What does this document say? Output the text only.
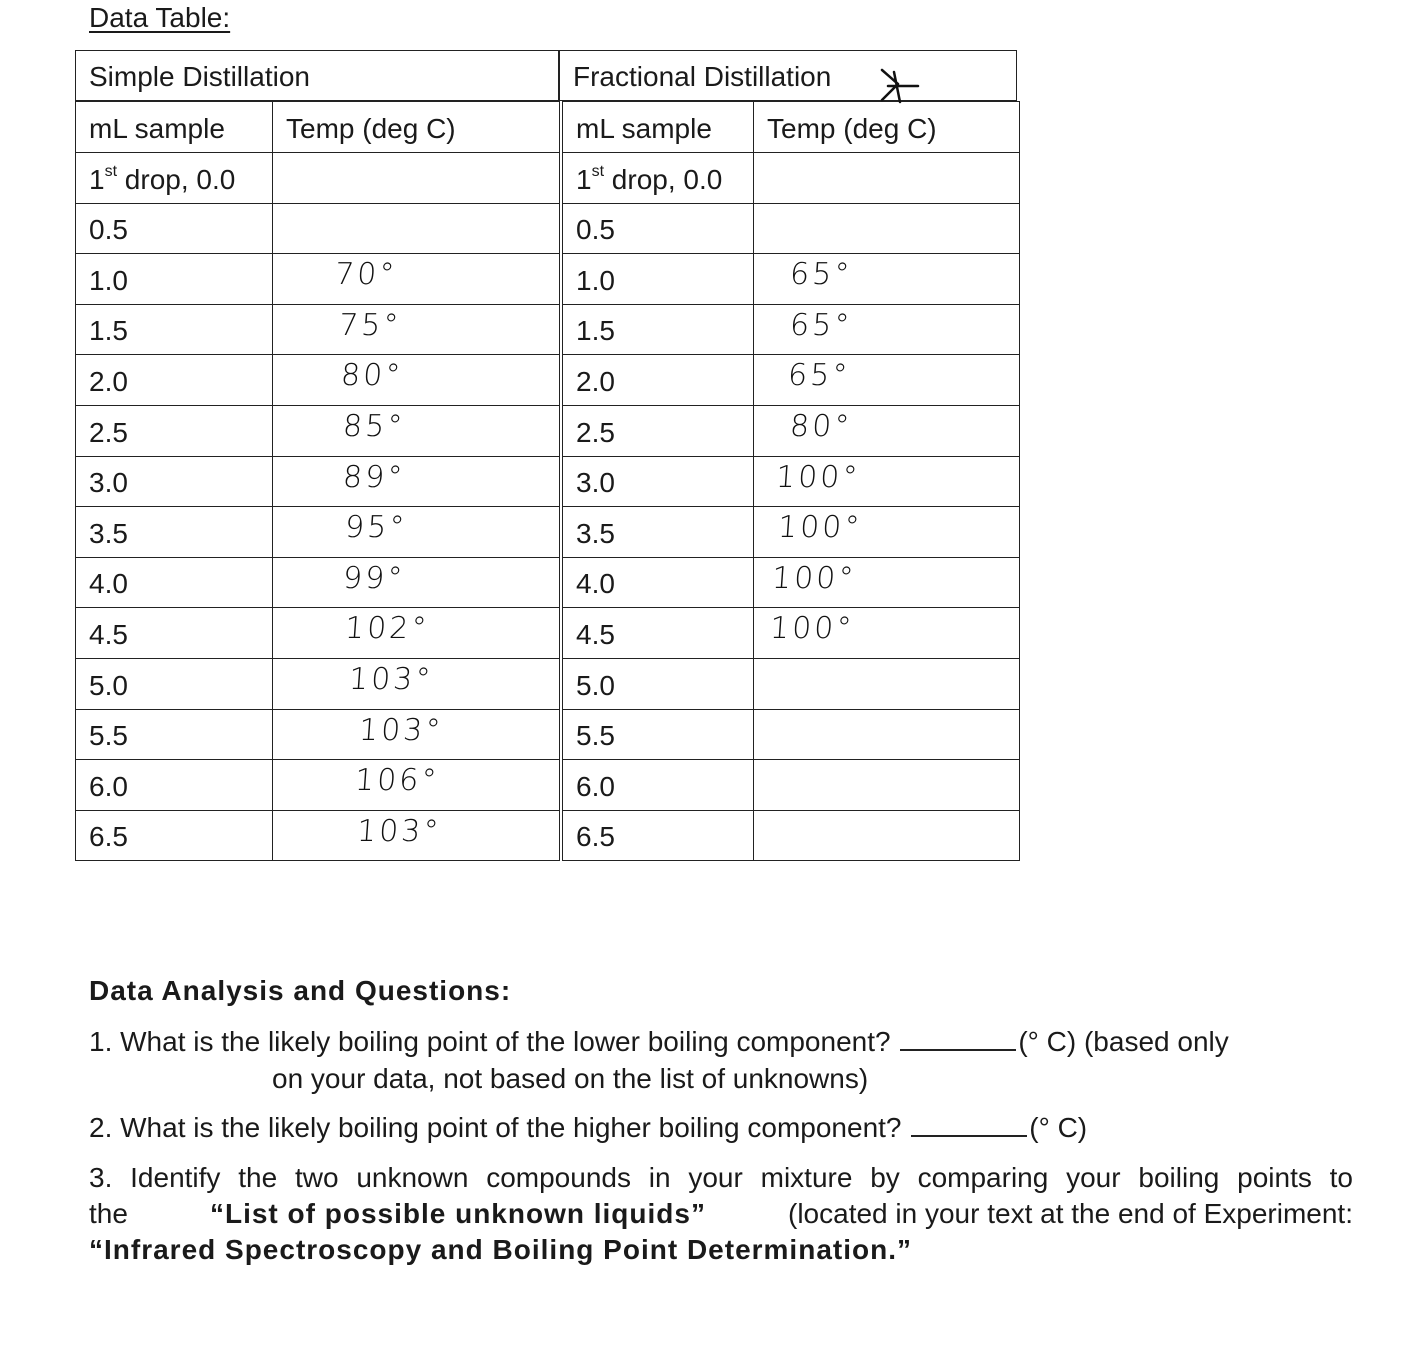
Data Table:
Simple Distillation
mL sample Temp (deg C)
1st drop, 0.0
0.5
1.0	70°
1.5	75°
2.0	80°
2.5	85°
3.0	89°
3.5	95°
4.0	99°
4.5	102°
5.0	103°
5.5	103°
6.0	106°
6.5	103°
Fractional Distillation
mL sample Temp (deg C)
1st drop, 0.0
0.5
1.0	65°
1.5	65°
2.0	65°
2.5	80°
3.0	100°
3.5	100°
4.0	100°
4.5	100°
5.0
5.5
6.0
6.5
Data Analysis and Questions:
1. What is the likely boiling point of the lower boiling component?	(° C) (based only
on your data, not based on the list of unknowns)
2. What is the likely boiling point of the higher boiling component?	(° C)
3. Identify the two unknown compounds in your mixture by comparing your boiling points to
the	“List of possible unknown liquids”	(located in your text at the end of Experiment:
“Infrared Spectroscopy and Boiling Point Determination.”
